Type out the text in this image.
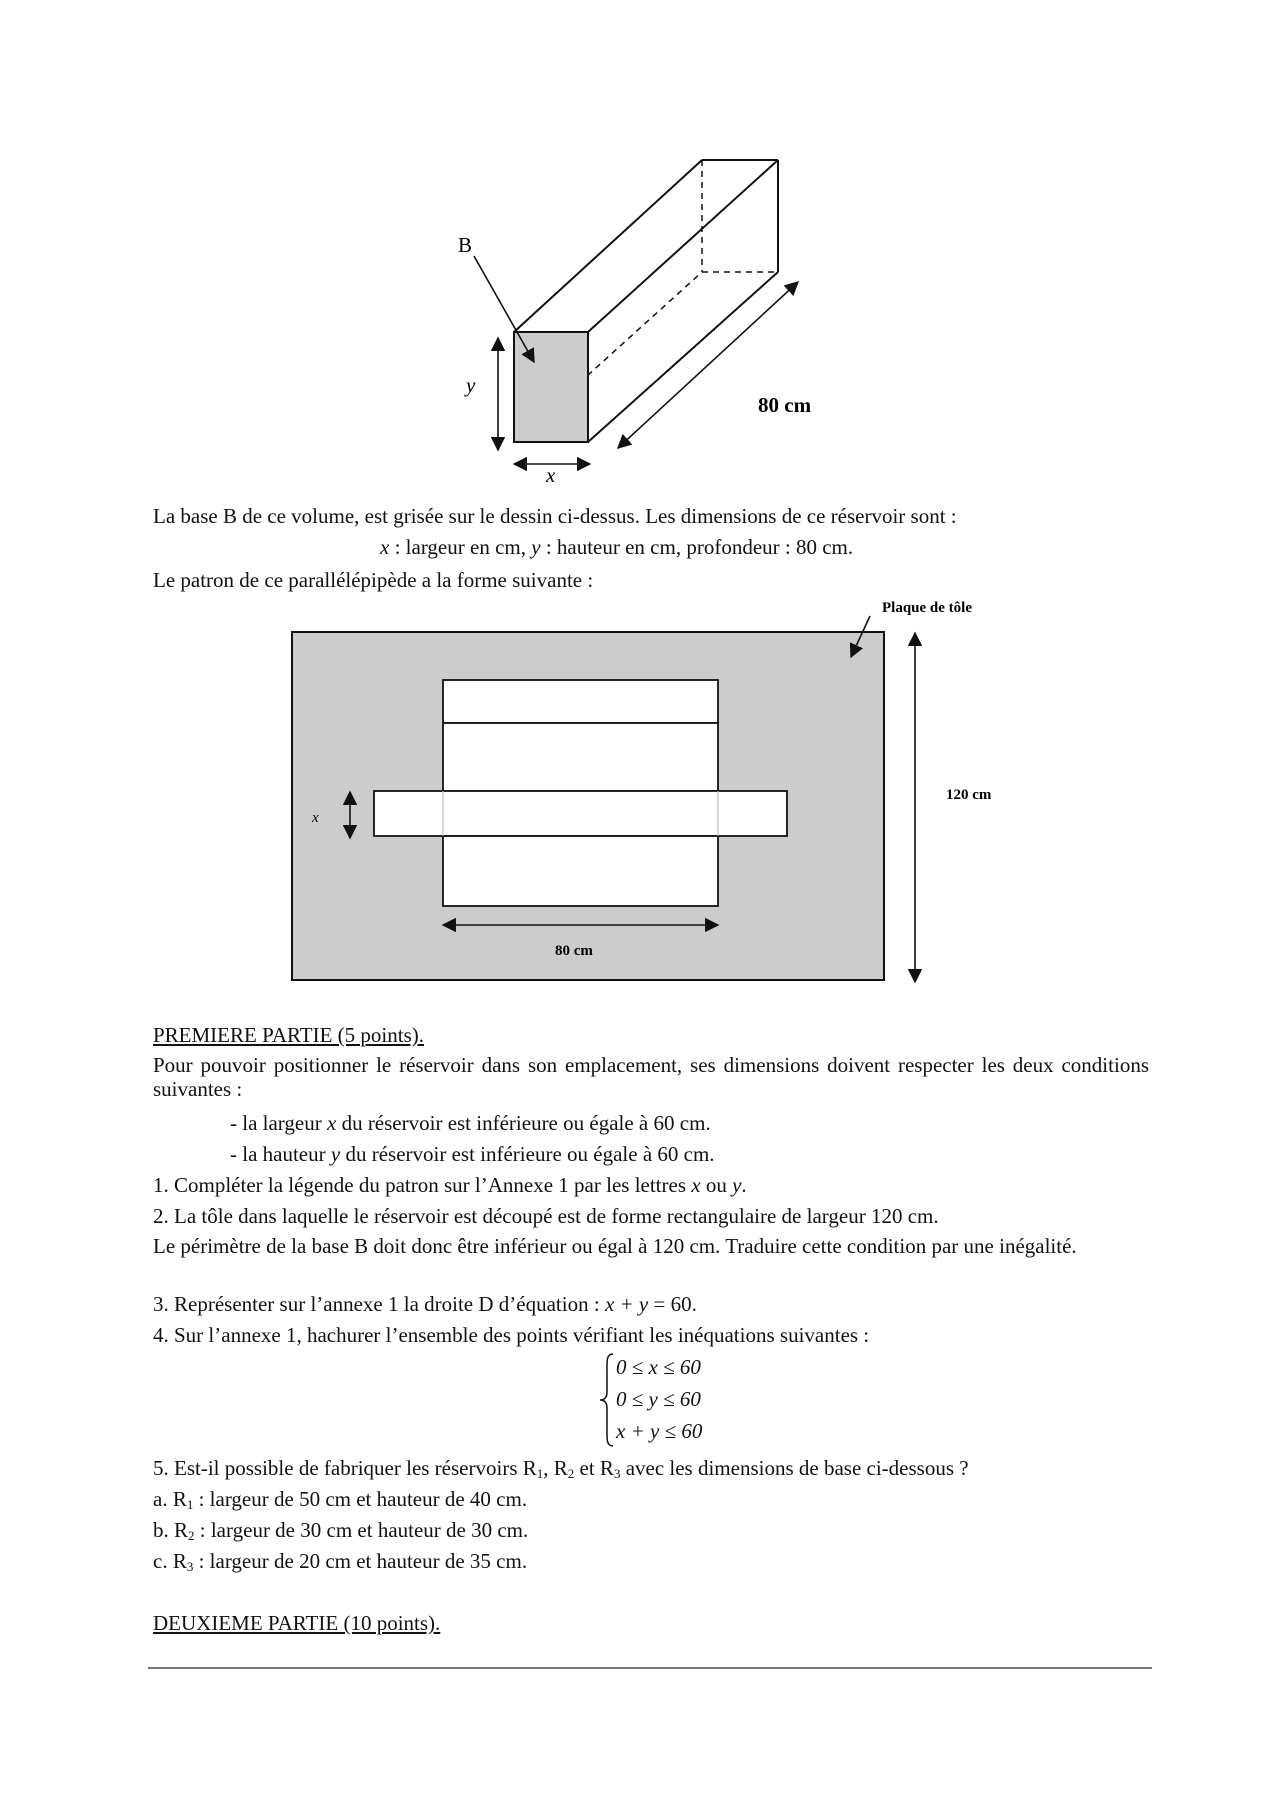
B
y
x
80 cm
La base B de ce volume, est grisée sur le dessin ci-dessus. Les dimensions de ce réservoir sont :
x : largeur en cm, y : hauteur en cm, profondeur : 80 cm.
Le patron de ce parallélépipède a la forme suivante :
Plaque de tôle
120 cm
x
80 cm
PREMIERE PARTIE (5 points).
Pour pouvoir positionner le réservoir dans son emplacement, ses dimensions doivent respecter les deux conditions suivantes :
- la largeur x du réservoir est inférieure ou égale à 60 cm.
- la hauteur y du réservoir est inférieure ou égale à 60 cm.
1. Compléter la légende du patron sur l’Annexe 1 par les lettres x ou y.
2. La tôle dans laquelle le réservoir est découpé est de forme rectangulaire de largeur 120 cm.
Le périmètre de la base B doit donc être inférieur ou égal à 120 cm. Traduire cette condition par une inégalité.
3. Représenter sur l’annexe 1 la droite D d’équation : x + y = 60.
4. Sur l’annexe 1, hachurer l’ensemble des points vérifiant les inéquations suivantes :
0 ≤ x ≤ 60
0 ≤ y ≤ 60
x + y ≤ 60
5. Est-il possible de fabriquer les réservoirs $R_1$, $R_2$ et $R_3$ avec les dimensions de base ci-dessous ?
a. $R_1$ : largeur de 50 cm et hauteur de 40 cm.
b. $R_2$ : largeur de 30 cm et hauteur de 30 cm.
c. $R_3$ : largeur de 20 cm et hauteur de 35 cm.
DEUXIEME PARTIE (10 points).
